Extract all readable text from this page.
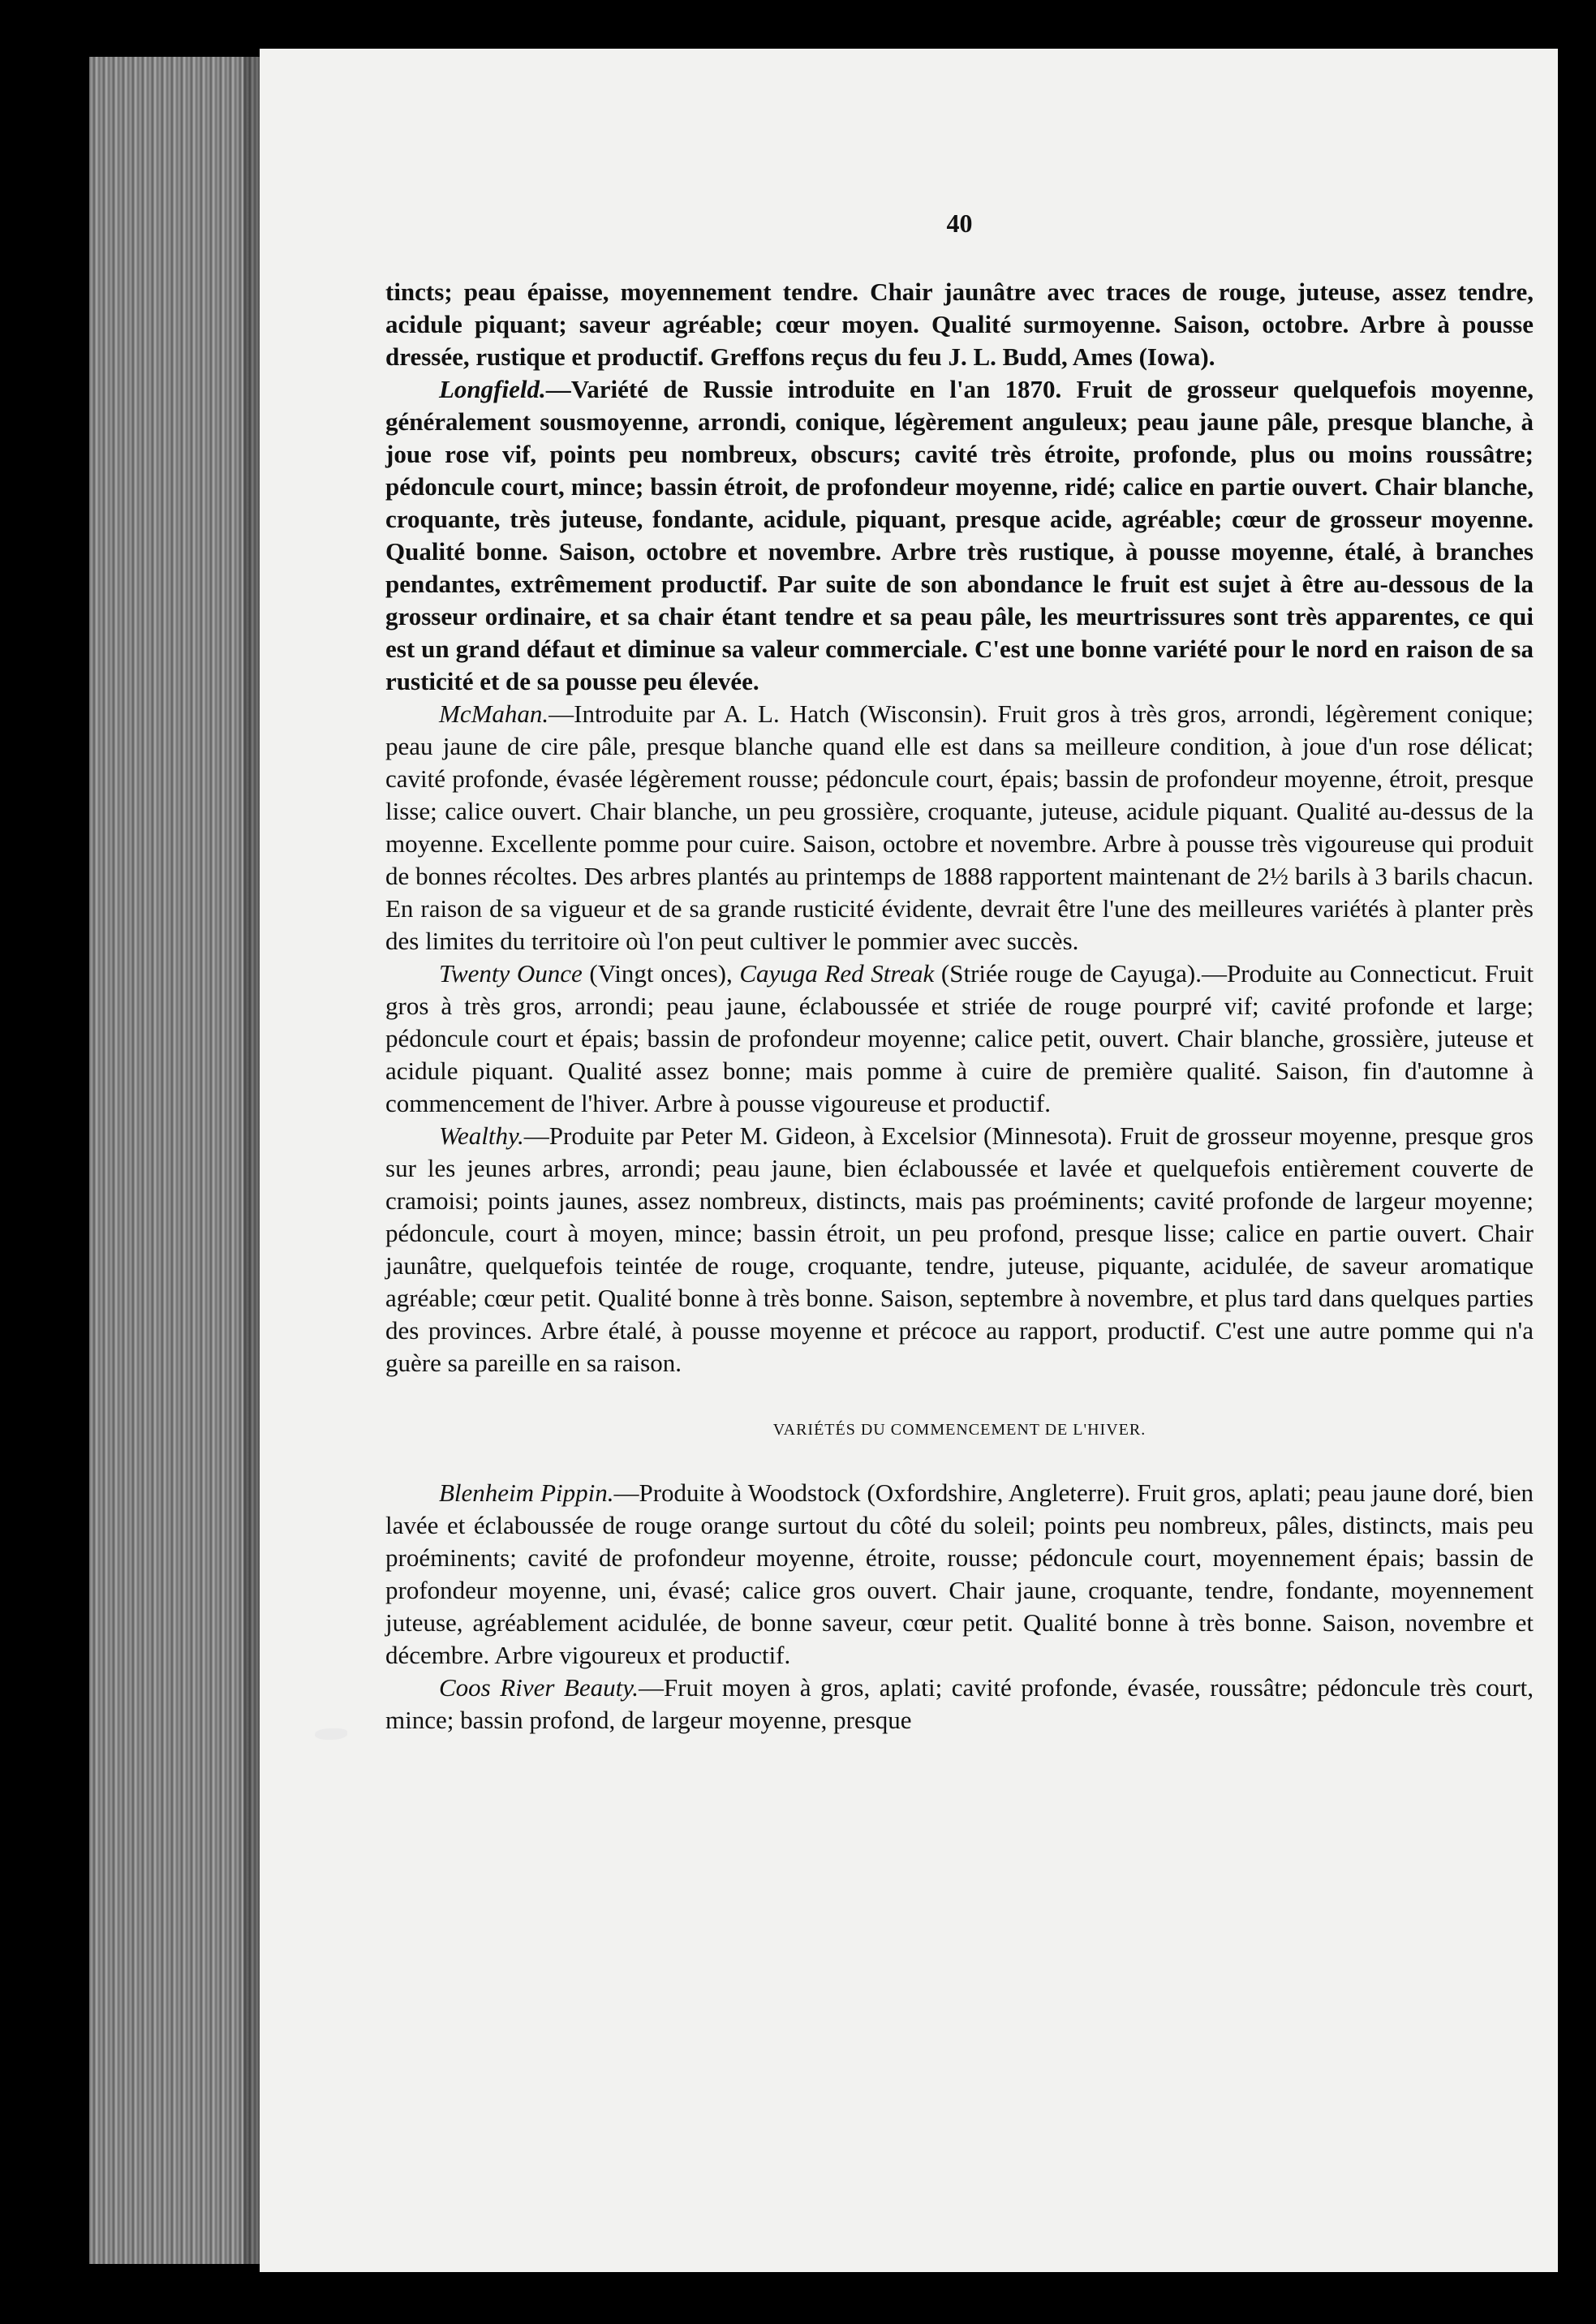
40

tincts; peau épaisse, moyennement tendre. Chair jaunâtre avec traces de rouge, juteuse, assez tendre, acidule piquant; saveur agréable; cœur moyen. Qualité surmoyenne. Saison, octobre. Arbre à pousse dressée, rustique et productif. Greffons reçus du feu J. L. Budd, Ames (Iowa).

Longfield.—Variété de Russie introduite en l'an 1870. Fruit de grosseur quelquefois moyenne, généralement sousmoyenne, arrondi, conique, légèrement anguleux; peau jaune pâle, presque blanche, à joue rose vif, points peu nombreux, obscurs; cavité très étroite, profonde, plus ou moins roussâtre; pédoncule court, mince; bassin étroit, de profondeur moyenne, ridé; calice en partie ouvert. Chair blanche, croquante, très juteuse, fondante, acidule, piquant, presque acide, agréable; cœur de grosseur moyenne. Qualité bonne. Saison, octobre et novembre. Arbre très rustique, à pousse moyenne, étalé, à branches pendantes, extrêmement productif. Par suite de son abondance le fruit est sujet à être au-dessous de la grosseur ordinaire, et sa chair étant tendre et sa peau pâle, les meurtrissures sont très apparentes, ce qui est un grand défaut et diminue sa valeur commerciale. C'est une bonne variété pour le nord en raison de sa rusticité et de sa pousse peu élevée.

McMahan.—Introduite par A. L. Hatch (Wisconsin). Fruit gros à très gros, arrondi, légèrement conique; peau jaune de cire pâle, presque blanche quand elle est dans sa meilleure condition, à joue d'un rose délicat; cavité profonde, évasée légèrement rousse; pédoncule court, épais; bassin de profondeur moyenne, étroit, presque lisse; calice ouvert. Chair blanche, un peu grossière, croquante, juteuse, acidule piquant. Qualité au-dessus de la moyenne. Excellente pomme pour cuire. Saison, octobre et novembre. Arbre à pousse très vigoureuse qui produit de bonnes récoltes. Des arbres plantés au printemps de 1888 rapportent maintenant de 2½ barils à 3 barils chacun. En raison de sa vigueur et de sa grande rusticité évidente, devrait être l'une des meilleures variétés à planter près des limites du territoire où l'on peut cultiver le pommier avec succès.

Twenty Ounce (Vingt onces), Cayuga Red Streak (Striée rouge de Cayuga).—Produite au Connecticut. Fruit gros à très gros, arrondi; peau jaune, éclaboussée et striée de rouge pourpré vif; cavité profonde et large; pédoncule court et épais; bassin de profondeur moyenne; calice petit, ouvert. Chair blanche, grossière, juteuse et acidule piquant. Qualité assez bonne; mais pomme à cuire de première qualité. Saison, fin d'automne à commencement de l'hiver. Arbre à pousse vigoureuse et productif.

Wealthy.—Produite par Peter M. Gideon, à Excelsior (Minnesota). Fruit de grosseur moyenne, presque gros sur les jeunes arbres, arrondi; peau jaune, bien éclaboussée et lavée et quelquefois entièrement couverte de cramoisi; points jaunes, assez nombreux, distincts, mais pas proéminents; cavité profonde de largeur moyenne; pédoncule, court à moyen, mince; bassin étroit, un peu profond, presque lisse; calice en partie ouvert. Chair jaunâtre, quelquefois teintée de rouge, croquante, tendre, juteuse, piquante, acidulée, de saveur aromatique agréable; cœur petit. Qualité bonne à très bonne. Saison, septembre à novembre, et plus tard dans quelques parties des provinces. Arbre étalé, à pousse moyenne et précoce au rapport, productif. C'est une autre pomme qui n'a guère sa pareille en sa raison.

VARIÉTÉS DU COMMENCEMENT DE L'HIVER.

Blenheim Pippin.—Produite à Woodstock (Oxfordshire, Angleterre). Fruit gros, aplati; peau jaune doré, bien lavée et éclaboussée de rouge orange surtout du côté du soleil; points peu nombreux, pâles, distincts, mais peu proéminents; cavité de profondeur moyenne, étroite, rousse; pédoncule court, moyennement épais; bassin de profondeur moyenne, uni, évasé; calice gros ouvert. Chair jaune, croquante, tendre, fondante, moyennement juteuse, agréablement acidulée, de bonne saveur, cœur petit. Qualité bonne à très bonne. Saison, novembre et décembre. Arbre vigoureux et productif.

Coos River Beauty.—Fruit moyen à gros, aplati; cavité profonde, évasée, roussâtre; pédoncule très court, mince; bassin profond, de largeur moyenne, presque
